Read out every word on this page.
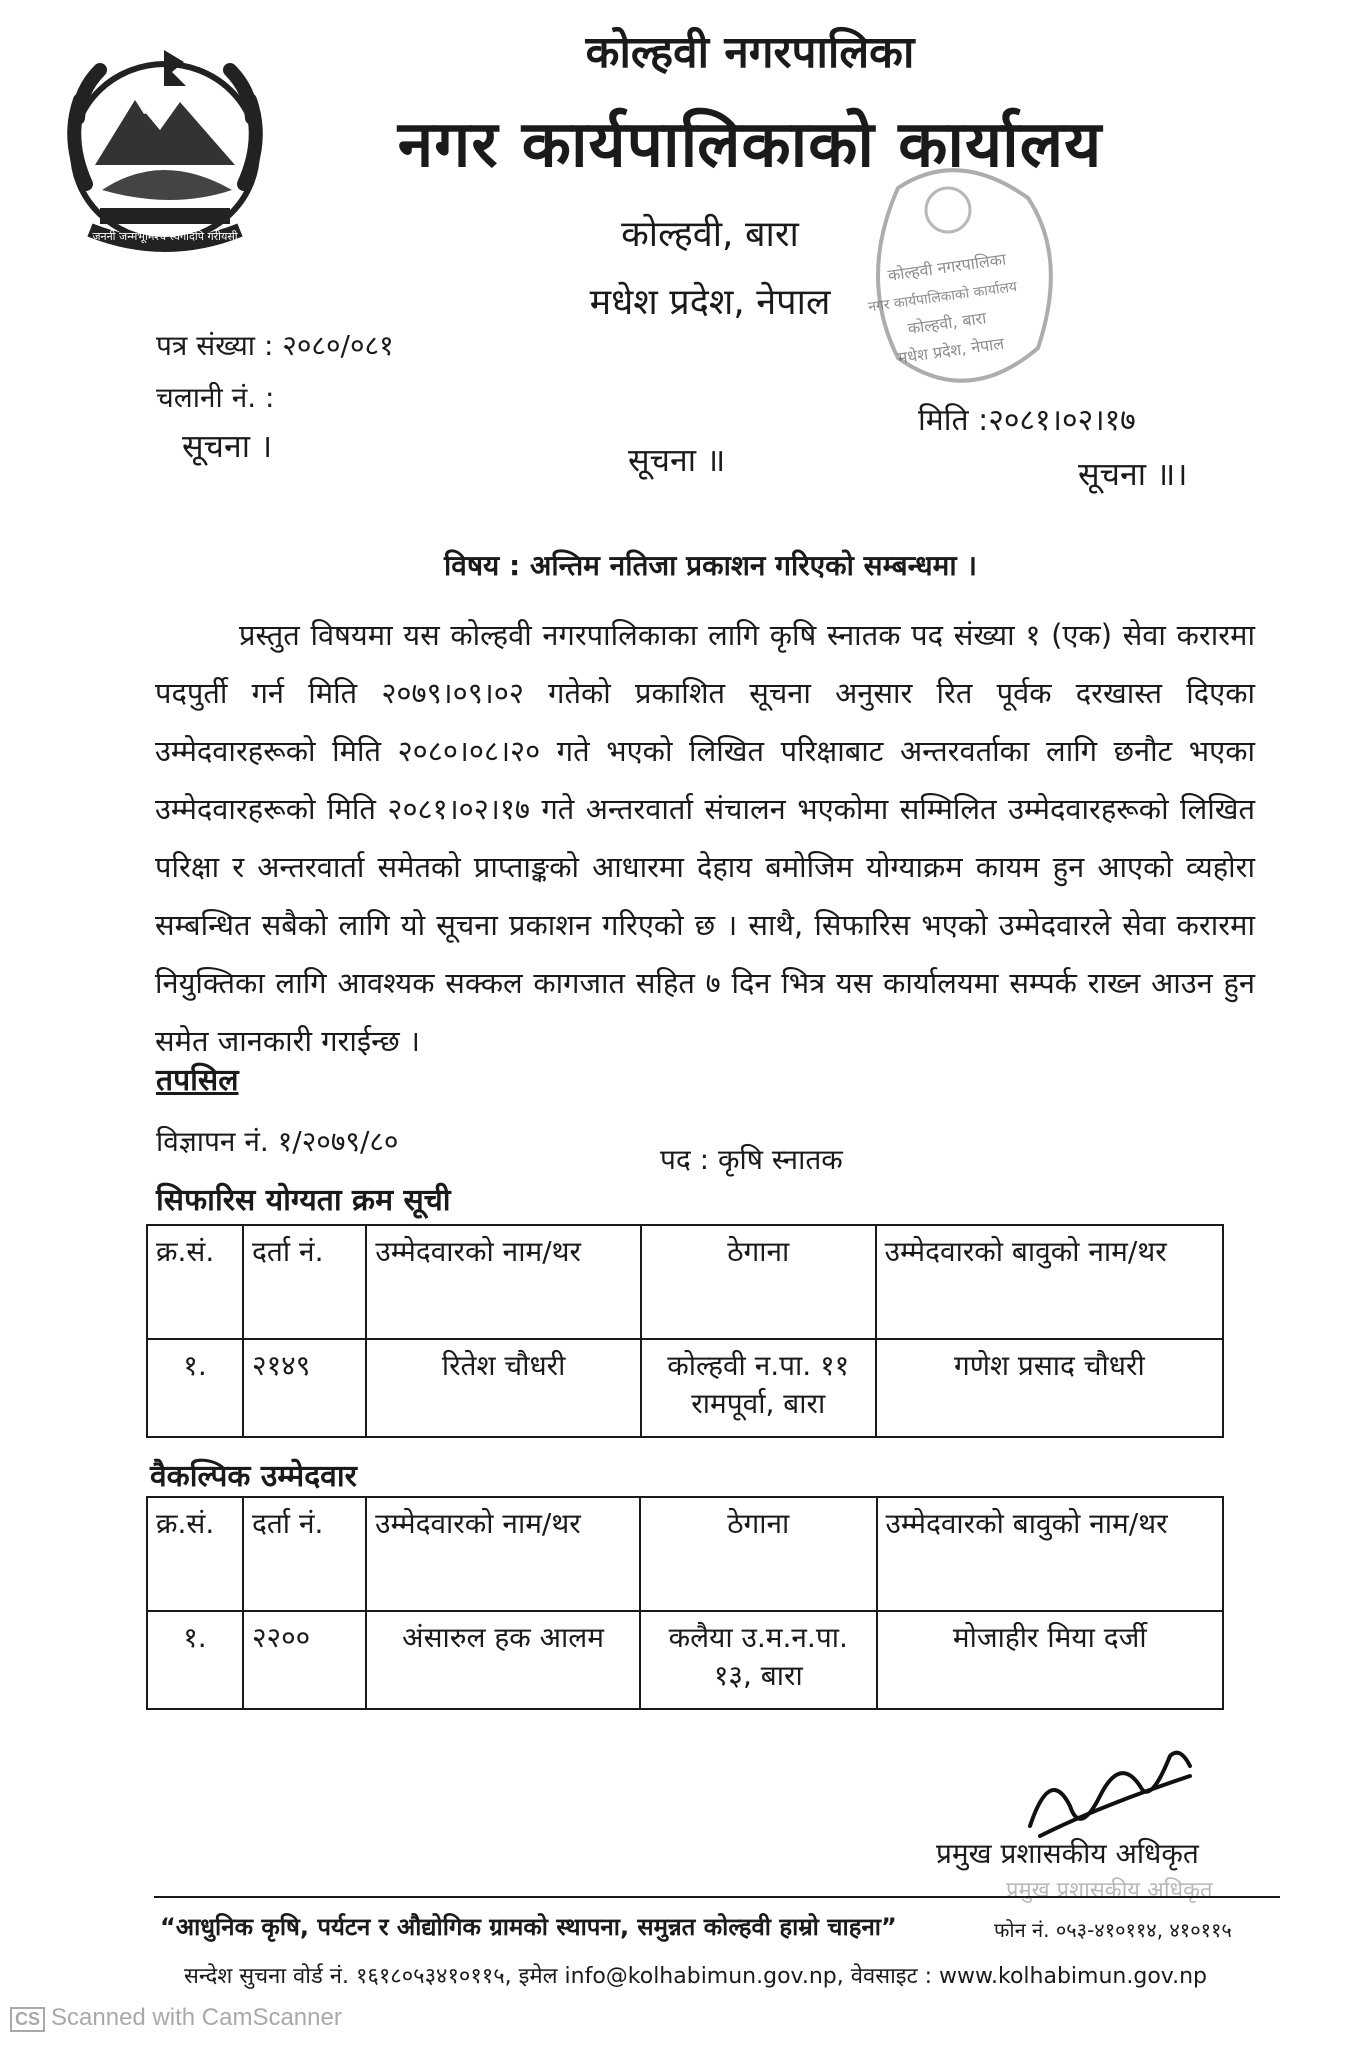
जननी जन्मभूमिश्च स्वर्गादपि गरीयसी
कोल्हवी नगरपालिका
नगर कार्यपालिकाको कार्यालय
कोल्हवी, बारा
मधेश प्रदेश, नेपाल
कोल्हवी नगरपालिका
नगर कार्यपालिकाको कार्यालय
कोल्हवी, बारा
मधेश प्रदेश, नेपाल
पत्र संख्या : २०८०/०८१
चलानी नं. :
मिति :२०८१।०२।१७
सूचना ।	सूचना ॥	सूचना ॥।
विषय : अन्तिम नतिजा प्रकाशन गरिएको सम्बन्धमा ।
प्रस्तुत विषयमा यस कोल्हवी नगरपालिकाका लागि कृषि स्नातक पद संख्या १ (एक) सेवा करारमा पदपुर्ती गर्न मिति २०७९।०९।०२ गतेको प्रकाशित सूचना अनुसार रित पूर्वक दरखास्त दिएका उम्मेदवारहरूको मिति २०८०।०८।२० गते भएको लिखित परिक्षाबाट अन्तरवर्ताका लागि छनौट भएका उम्मेदवारहरूको मिति २०८१।०२।१७ गते अन्तरवार्ता संचालन भएकोमा सम्मिलित उम्मेदवारहरूको लिखित परिक्षा र अन्तरवार्ता समेतको प्राप्ताङ्कको आधारमा देहाय बमोजिम योग्याक्रम कायम हुन आएको व्यहोरा सम्बन्धित सबैको लागि यो सूचना प्रकाशन गरिएको छ । साथै, सिफारिस भएको उम्मेदवारले सेवा करारमा नियुक्तिका लागि आवश्यक सक्कल कागजात सहित ७ दिन भित्र यस कार्यालयमा सम्पर्क राख्न आउन हुन समेत जानकारी गराईन्छ ।
तपसिल
विज्ञापन नं. १/२०७९/८०
पद : कृषि स्नातक
सिफारिस योग्यता क्रम सूची
क्र.सं.	दर्ता नं.	उम्मेदवारको नाम/थर	ठेगाना	उम्मेदवारको बावुको नाम/थर
१.	२१४९	रितेश चौधरी	कोल्हवी न.पा. ११
रामपूर्वा, बारा	गणेश प्रसाद चौधरी
वैकल्पिक उम्मेदवार
क्र.सं.	दर्ता नं.	उम्मेदवारको नाम/थर	ठेगाना	उम्मेदवारको बावुको नाम/थर
१.	२२००	अंसारुल हक आलम	कलैया उ.म.न.पा.
१३, बारा	मोजाहीर मिया दर्जी
प्रमुख प्रशासकीय अधिकृत
प्रमुख प्रशासकीय अधिकृत
“आधुनिक कृषि, पर्यटन र औद्योगिक ग्रामको स्थापना, समुन्नत कोल्हवी हाम्रो चाहना”	फोन नं. ०५३-४१०११४, ४१०११५
सन्देश सुचना वोर्ड नं. १६१८०५३४१०११५, इमेल info@kolhabimun.gov.np, वेवसाइट : www.kolhabimun.gov.np
CS Scanned with CamScanner
